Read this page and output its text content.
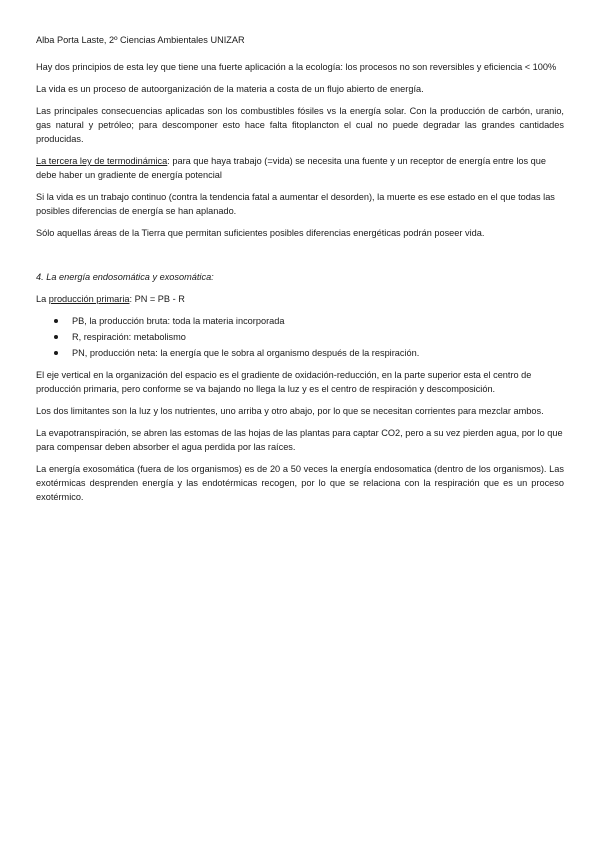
Alba Porta Laste, 2º Ciencias Ambientales UNIZAR

Hay dos principios de esta ley que tiene una fuerte aplicación a la ecología: los procesos no son reversibles y eficiencia < 100%

La vida es un proceso de autoorganización de la materia a costa de un flujo abierto de energía.

Las principales consecuencias aplicadas son los combustibles fósiles vs la energía solar. Con la producción de carbón, uranio, gas natural y petróleo; para descomponer esto hace falta fitoplancton el cual no puede degradar las grandes cantidades producidas.

La tercera ley de termodinámica: para que haya trabajo (=vida) se necesita una fuente y un receptor de energía entre los que debe haber un gradiente de energía potencial

Si la vida es un trabajo continuo (contra la tendencia fatal a aumentar el desorden), la muerte es ese estado en el que todas las posibles diferencias de energía se han aplanado.

Sólo aquellas áreas de la Tierra que permitan suficientes posibles diferencias energéticas podrán poseer vida.

4. La energía endosomática y exosomática:

La producción primaria: PN = PB - R

PB, la producción bruta: toda la materia incorporada
R, respiración: metabolismo
PN, producción neta: la energía que le sobra al organismo después de la respiración.

El eje vertical en la organización del espacio es el gradiente de oxidación-reducción, en la parte superior esta el centro de producción primaria, pero conforme se va bajando no llega la luz y es el centro de respiración y descomposición.

Los dos limitantes son la luz y los nutrientes, uno arriba y otro abajo, por lo que se necesitan corrientes para mezclar ambos.

La evapotranspiración, se abren las estomas de las hojas de las plantas para captar CO2, pero a su vez pierden agua, por lo que para compensar deben absorber el agua perdida por las raíces.

La energía exosomática (fuera de los organismos) es de 20 a 50 veces la energía endosomatica (dentro de los organismos). Las exotérmicas desprenden energía y las endotérmicas recogen, por lo que se relaciona con la respiración que es un proceso exotérmico.
